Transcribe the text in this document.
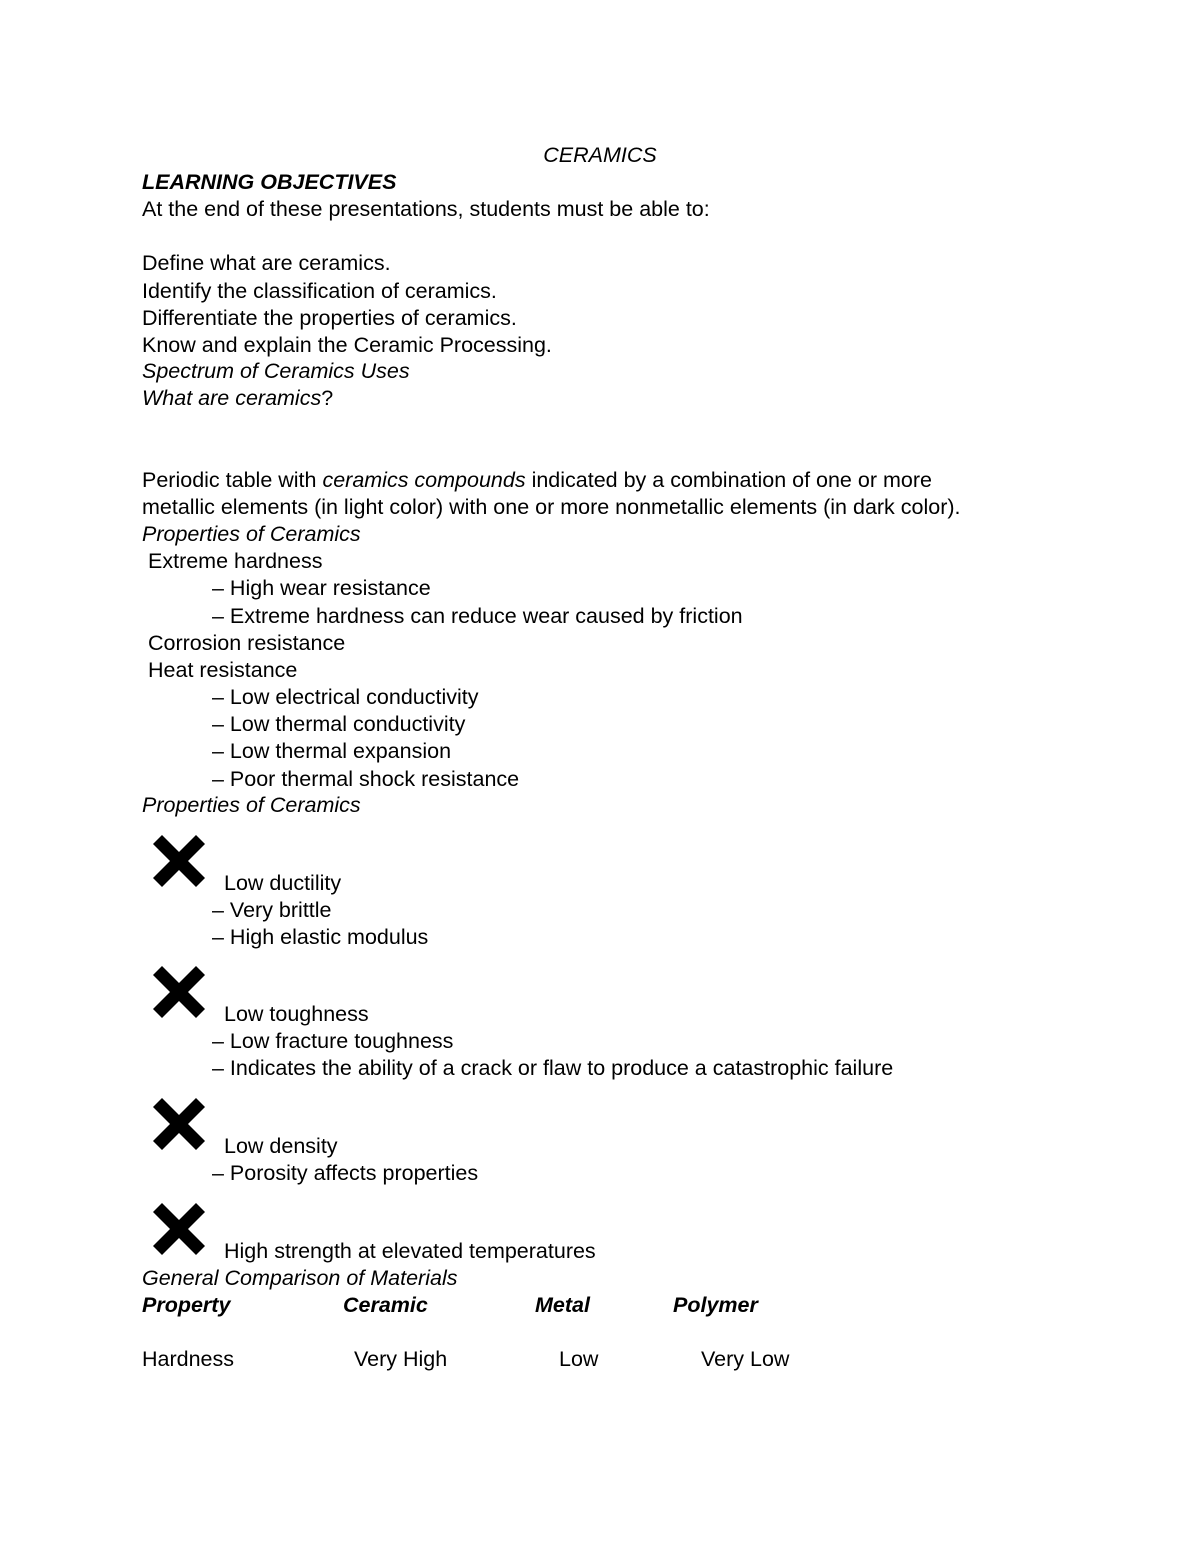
CERAMICS
LEARNING OBJECTIVES
At the end of these presentations, students must be able to:
Define what are ceramics.
Identify the classification of ceramics.
Differentiate the properties of ceramics.
Know and explain the Ceramic Processing.
Spectrum of Ceramics Uses
What are ceramics?
Periodic table with ceramics compounds indicated by a combination of one or more
metallic elements (in light color) with one or more nonmetallic elements (in dark color).
Properties of Ceramics
Extreme hardness
– High wear resistance
– Extreme hardness can reduce wear caused by friction
Corrosion resistance
Heat resistance
– Low electrical conductivity
– Low thermal conductivity
– Low thermal expansion
– Poor thermal shock resistance
Properties of Ceramics
Low ductility
– Very brittle
– High elastic modulus
Low toughness
– Low fracture toughness
– Indicates the ability of a crack or flaw to produce a catastrophic failure
Low density
– Porosity affects properties
High strength at elevated temperatures
General Comparison of Materials
Property	Ceramic	Metal	Polymer
Hardness	Very High	Low	Very Low
